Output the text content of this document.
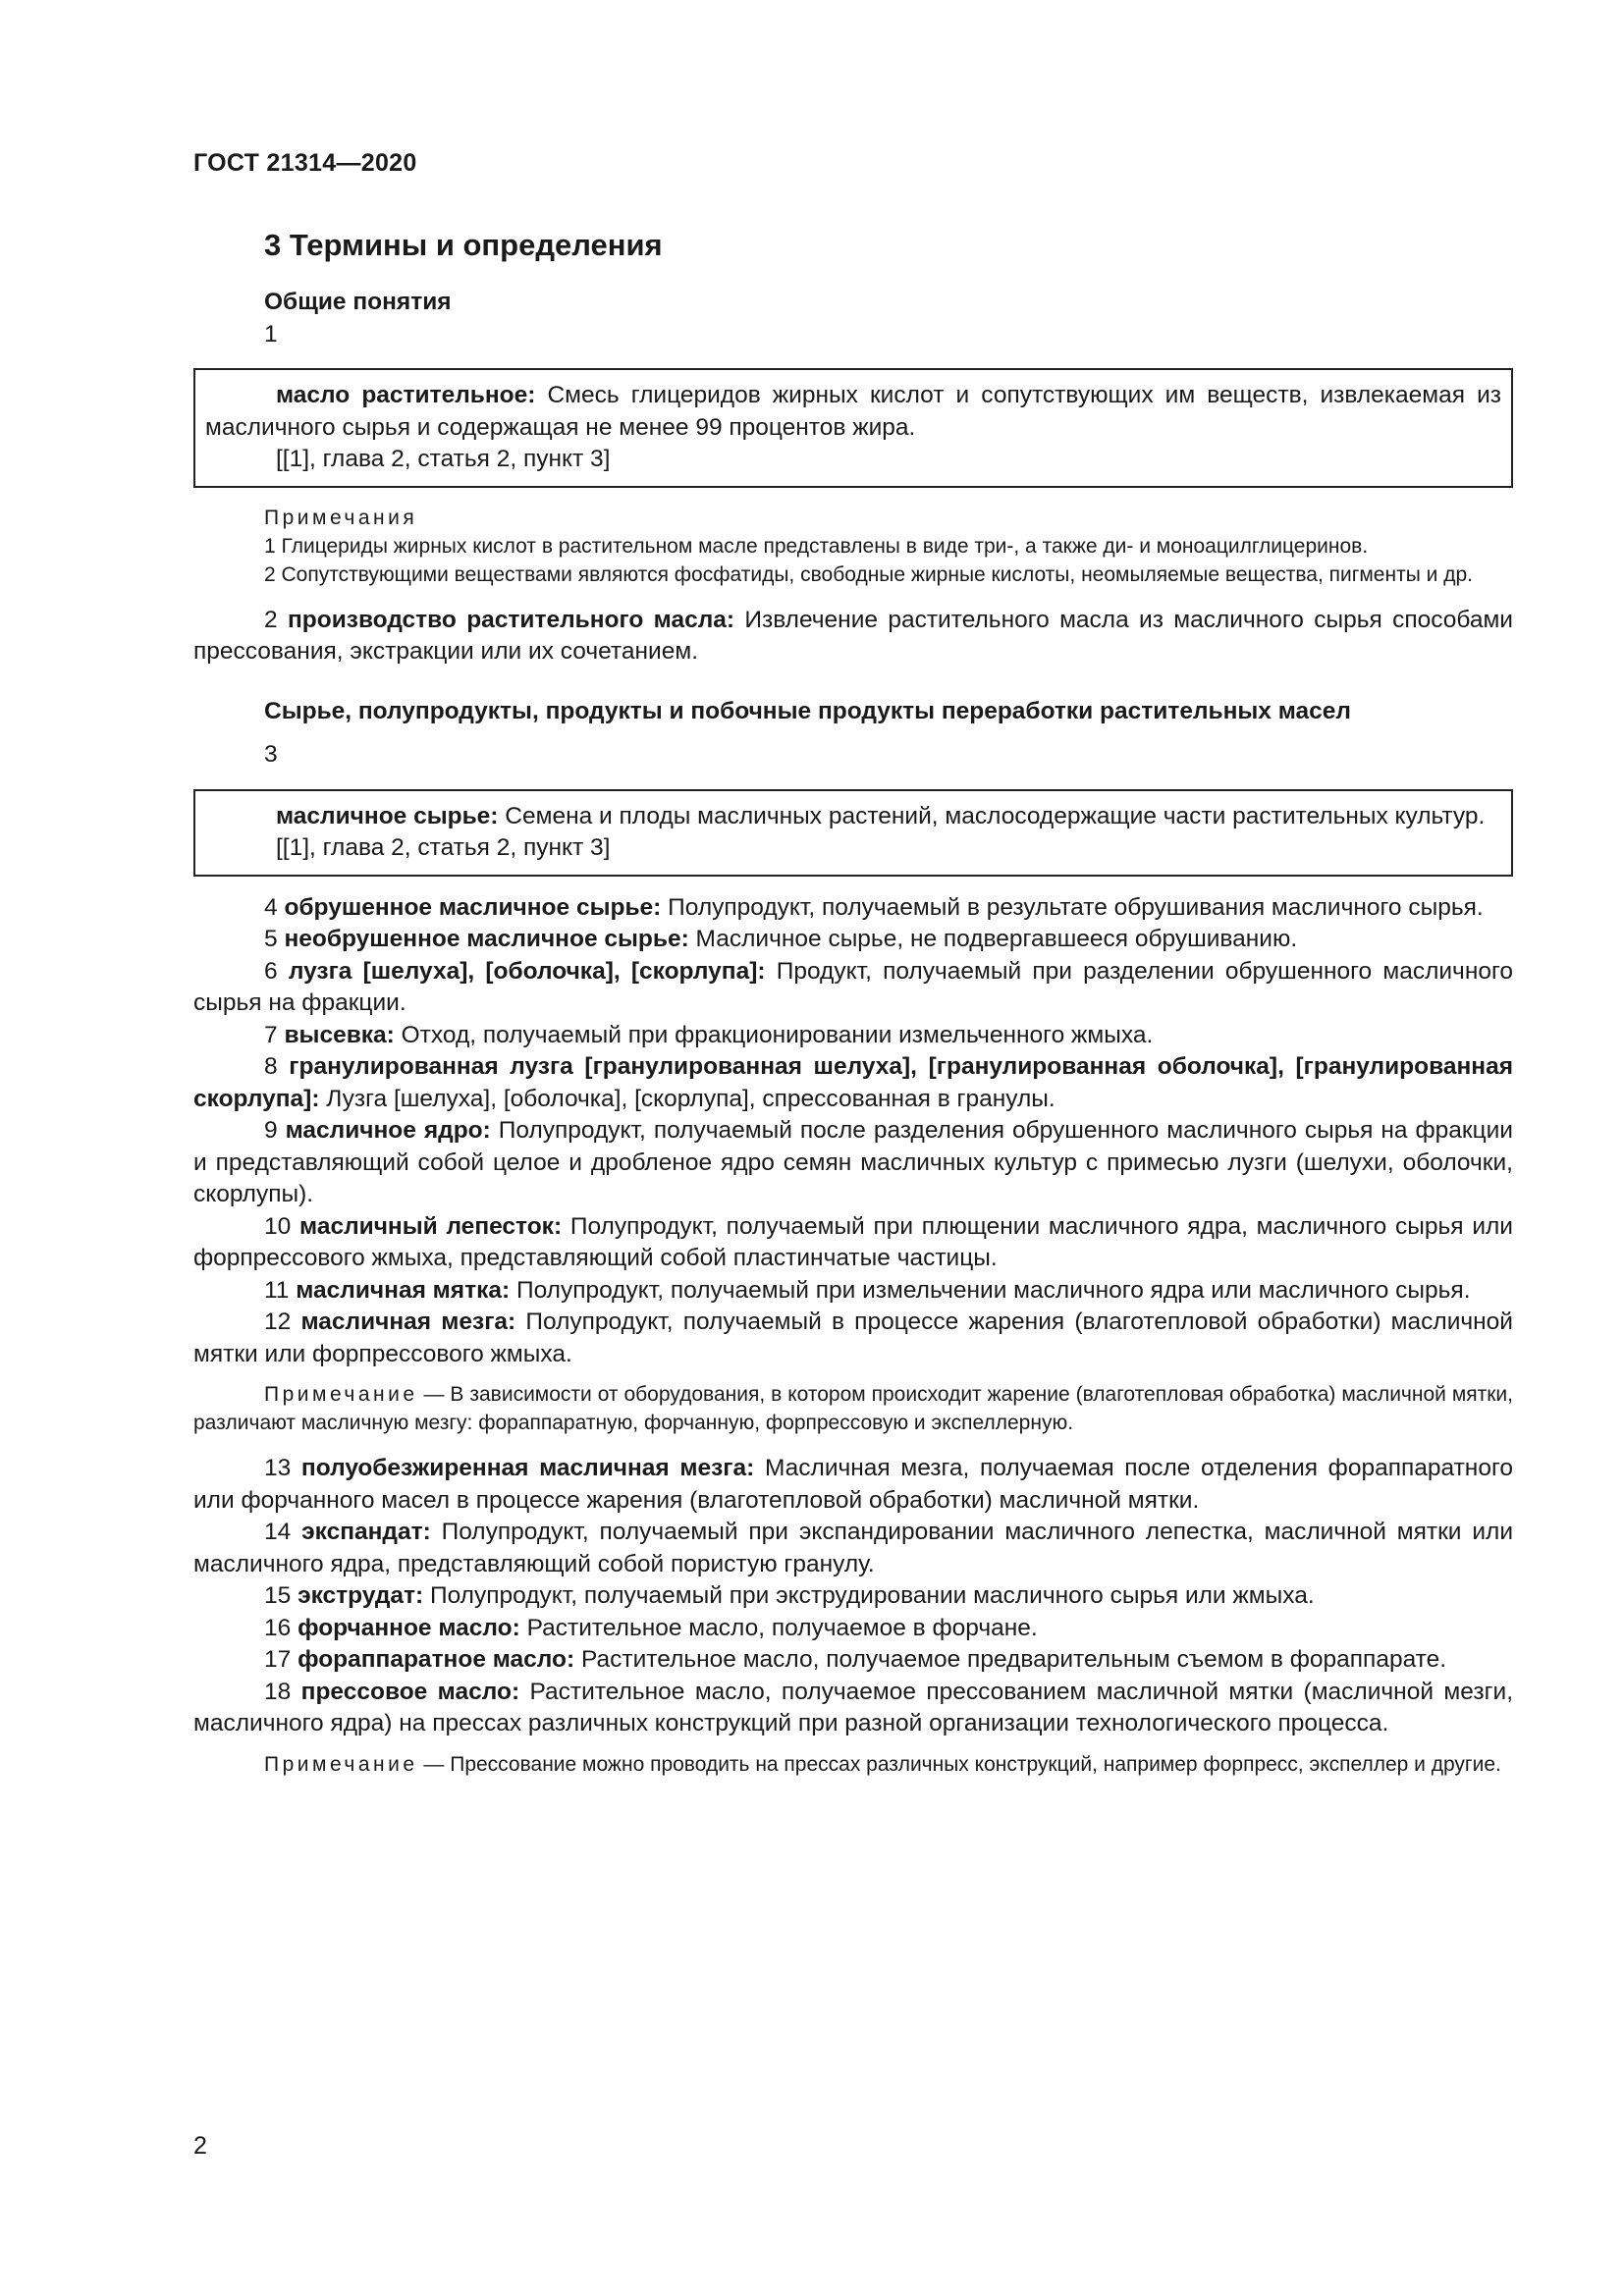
ГОСТ 21314—2020
3 Термины и определения

Общие понятия

1

масло растительное: Смесь глицеридов жирных кислот и сопутствующих им веществ, извлекаемая из масличного сырья и содержащая не менее 99 процентов жира.

[[1], глава 2, статья 2, пункт 3]

Примечания

1 Глицериды жирных кислот в растительном масле представлены в виде три-, а также ди- и моноацилглицеринов.

2 Сопутствующими веществами являются фосфатиды, свободные жирные кислоты, неомыляемые вещества, пигменты и др.

2 производство растительного масла: Извлечение растительного масла из масличного сырья способами прессования, экстракции или их сочетанием.

Сырье, полупродукты, продукты и побочные продукты переработки растительных масел

3

масличное сырье: Семена и плоды масличных растений, маслосодержащие части растительных культур.

[[1], глава 2, статья 2, пункт 3]

4 обрушенное масличное сырье: Полупродукт, получаемый в результате обрушивания масличного сырья.

5 необрушенное масличное сырье: Масличное сырье, не подвергавшееся обрушиванию.

6 лузга [шелуха], [оболочка], [скорлупа]: Продукт, получаемый при разделении обрушенного масличного сырья на фракции.

7 высевка: Отход, получаемый при фракционировании измельченного жмыха.

8 гранулированная лузга [гранулированная шелуха], [гранулированная оболочка], [гранулированная скорлупа]: Лузга [шелуха], [оболочка], [скорлупа], спрессованная в гранулы.

9 масличное ядро: Полупродукт, получаемый после разделения обрушенного масличного сырья на фракции и представляющий собой целое и дробленое ядро семян масличных культур с примесью лузги (шелухи, оболочки, скорлупы).

10 масличный лепесток: Полупродукт, получаемый при плющении масличного ядра, масличного сырья или форпрессового жмыха, представляющий собой пластинчатые частицы.

11 масличная мятка: Полупродукт, получаемый при измельчении масличного ядра или масличного сырья.

12 масличная мезга: Полупродукт, получаемый в процессе жарения (влаготепловой обработки) масличной мятки или форпрессового жмыха.

Примечание — В зависимости от оборудования, в котором происходит жарение (влаготепловая обработка) масличной мятки, различают масличную мезгу: фораппаратную, форчанную, форпрессовую и экспеллерную.

13 полуобезжиренная масличная мезга: Масличная мезга, получаемая после отделения фораппаратного или форчанного масел в процессе жарения (влаготепловой обработки) масличной мятки.

14 экспандат: Полупродукт, получаемый при экспандировании масличного лепестка, масличной мятки или масличного ядра, представляющий собой пористую гранулу.

15 экструдат: Полупродукт, получаемый при экструдировании масличного сырья или жмыха.

16 форчанное масло: Растительное масло, получаемое в форчане.

17 фораппаратное масло: Растительное масло, получаемое предварительным съемом в фораппарате.

18 прессовое масло: Растительное масло, получаемое прессованием масличной мятки (масличной мезги, масличного ядра) на прессах различных конструкций при разной организации технологического процесса.

Примечание — Прессование можно проводить на прессах различных конструкций, например форпресс, экспеллер и другие.

2
